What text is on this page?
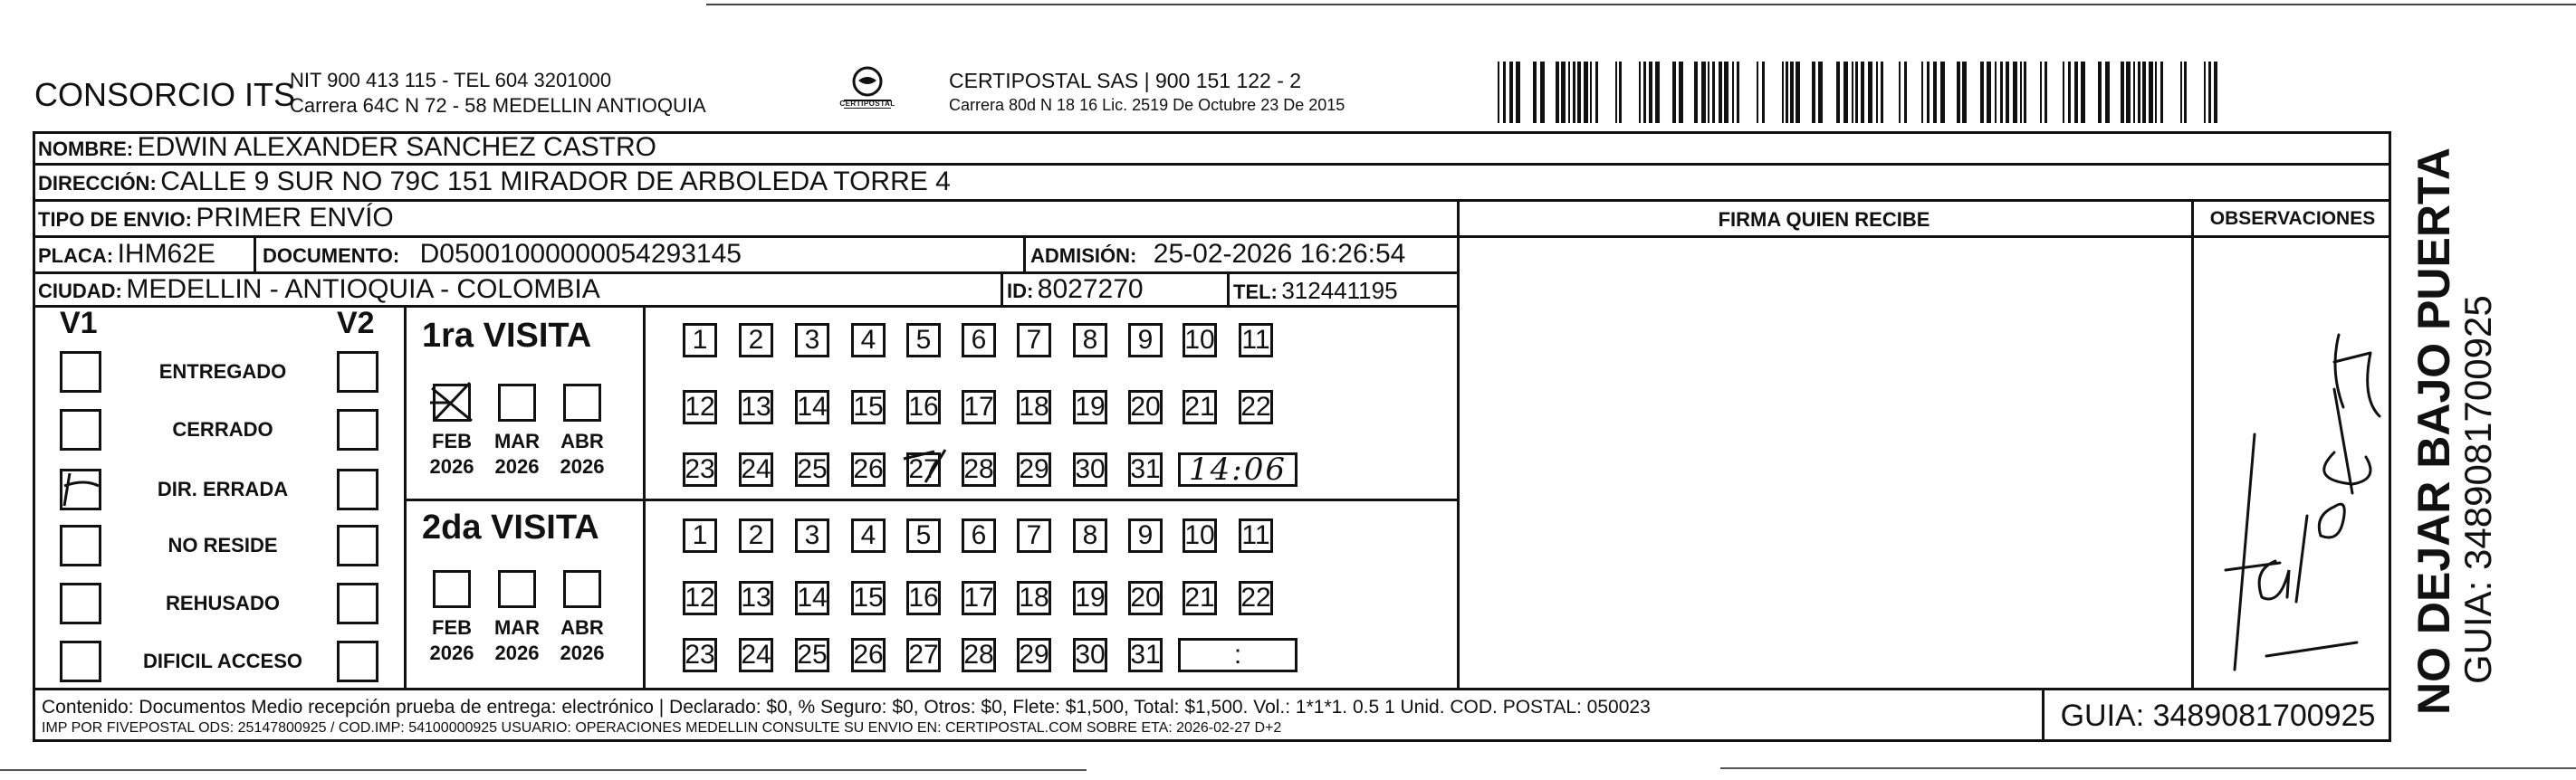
CONSORCIO ITS
NIT 900 413 115 - TEL 604 3201000
Carrera 64C N 72 - 58 MEDELLIN ANTIOQUIA	CERTIPOSTAL
CERTIPOSTAL SAS | 900 151 122 - 2
Carrera 80d N 18 16 Lic. 2519 De Octubre 23 De 2015
NOMBRE: EDWIN ALEXANDER SANCHEZ CASTRO
DIRECCIÓN: CALLE 9 SUR NO 79C 151 MIRADOR DE ARBOLEDA TORRE 4
TIPO DE ENVIO: PRIMER ENVÍO	FIRMA QUIEN RECIBE	OBSERVACIONES
PLACA: IHM62E DOCUMENTO: D05001000000054293145	ADMISIÓN: 25-02-2026 16:26:54
CIUDAD: MEDELLIN - ANTIOQUIA - COLOMBIA	ID: 8027270	TEL: 312441195
V1	V2
ENTREGADO
CERRADO
DIR. ERRADA
NO RESIDE
REHUSADO
DIFICIL ACCESO
1ra VISITA
2da VISITA
FEB
2026
MAR
2026
ABR
2026
1	2	3	4	5	6	7	8	9	10 11
12 13 14 15 16 17 18 19 20 21 22
23 24 25 26 27 28 29 30 31 14:06
FEB
2026
MAR
2026
ABR
2026
1	2	3	4	5	6	7	8	9	10 11
12 13 14 15 16 17 18 19 20 21 22
23 24 25 26 27 28 29 30 31	:	NO DEJAR BAJO PUERTA
GUIA: 3489081700925
Contenido: Documentos Medio recepción prueba de entrega: electrónico | Declarado: $0, % Seguro: $0, Otros: $0, Flete: $1,500, Total: $1,500. Vol.: 1*1*1. 0.5 1 Unid. COD. POSTAL: 050023
IMP POR FIVEPOSTAL ODS: 25147800925 / COD.IMP: 54100000925 USUARIO: OPERACIONES MEDELLIN CONSULTE SU ENVIO EN: CERTIPOSTAL.COM SOBRE ETA: 2026-02-27 D+2	GUIA: 3489081700925
